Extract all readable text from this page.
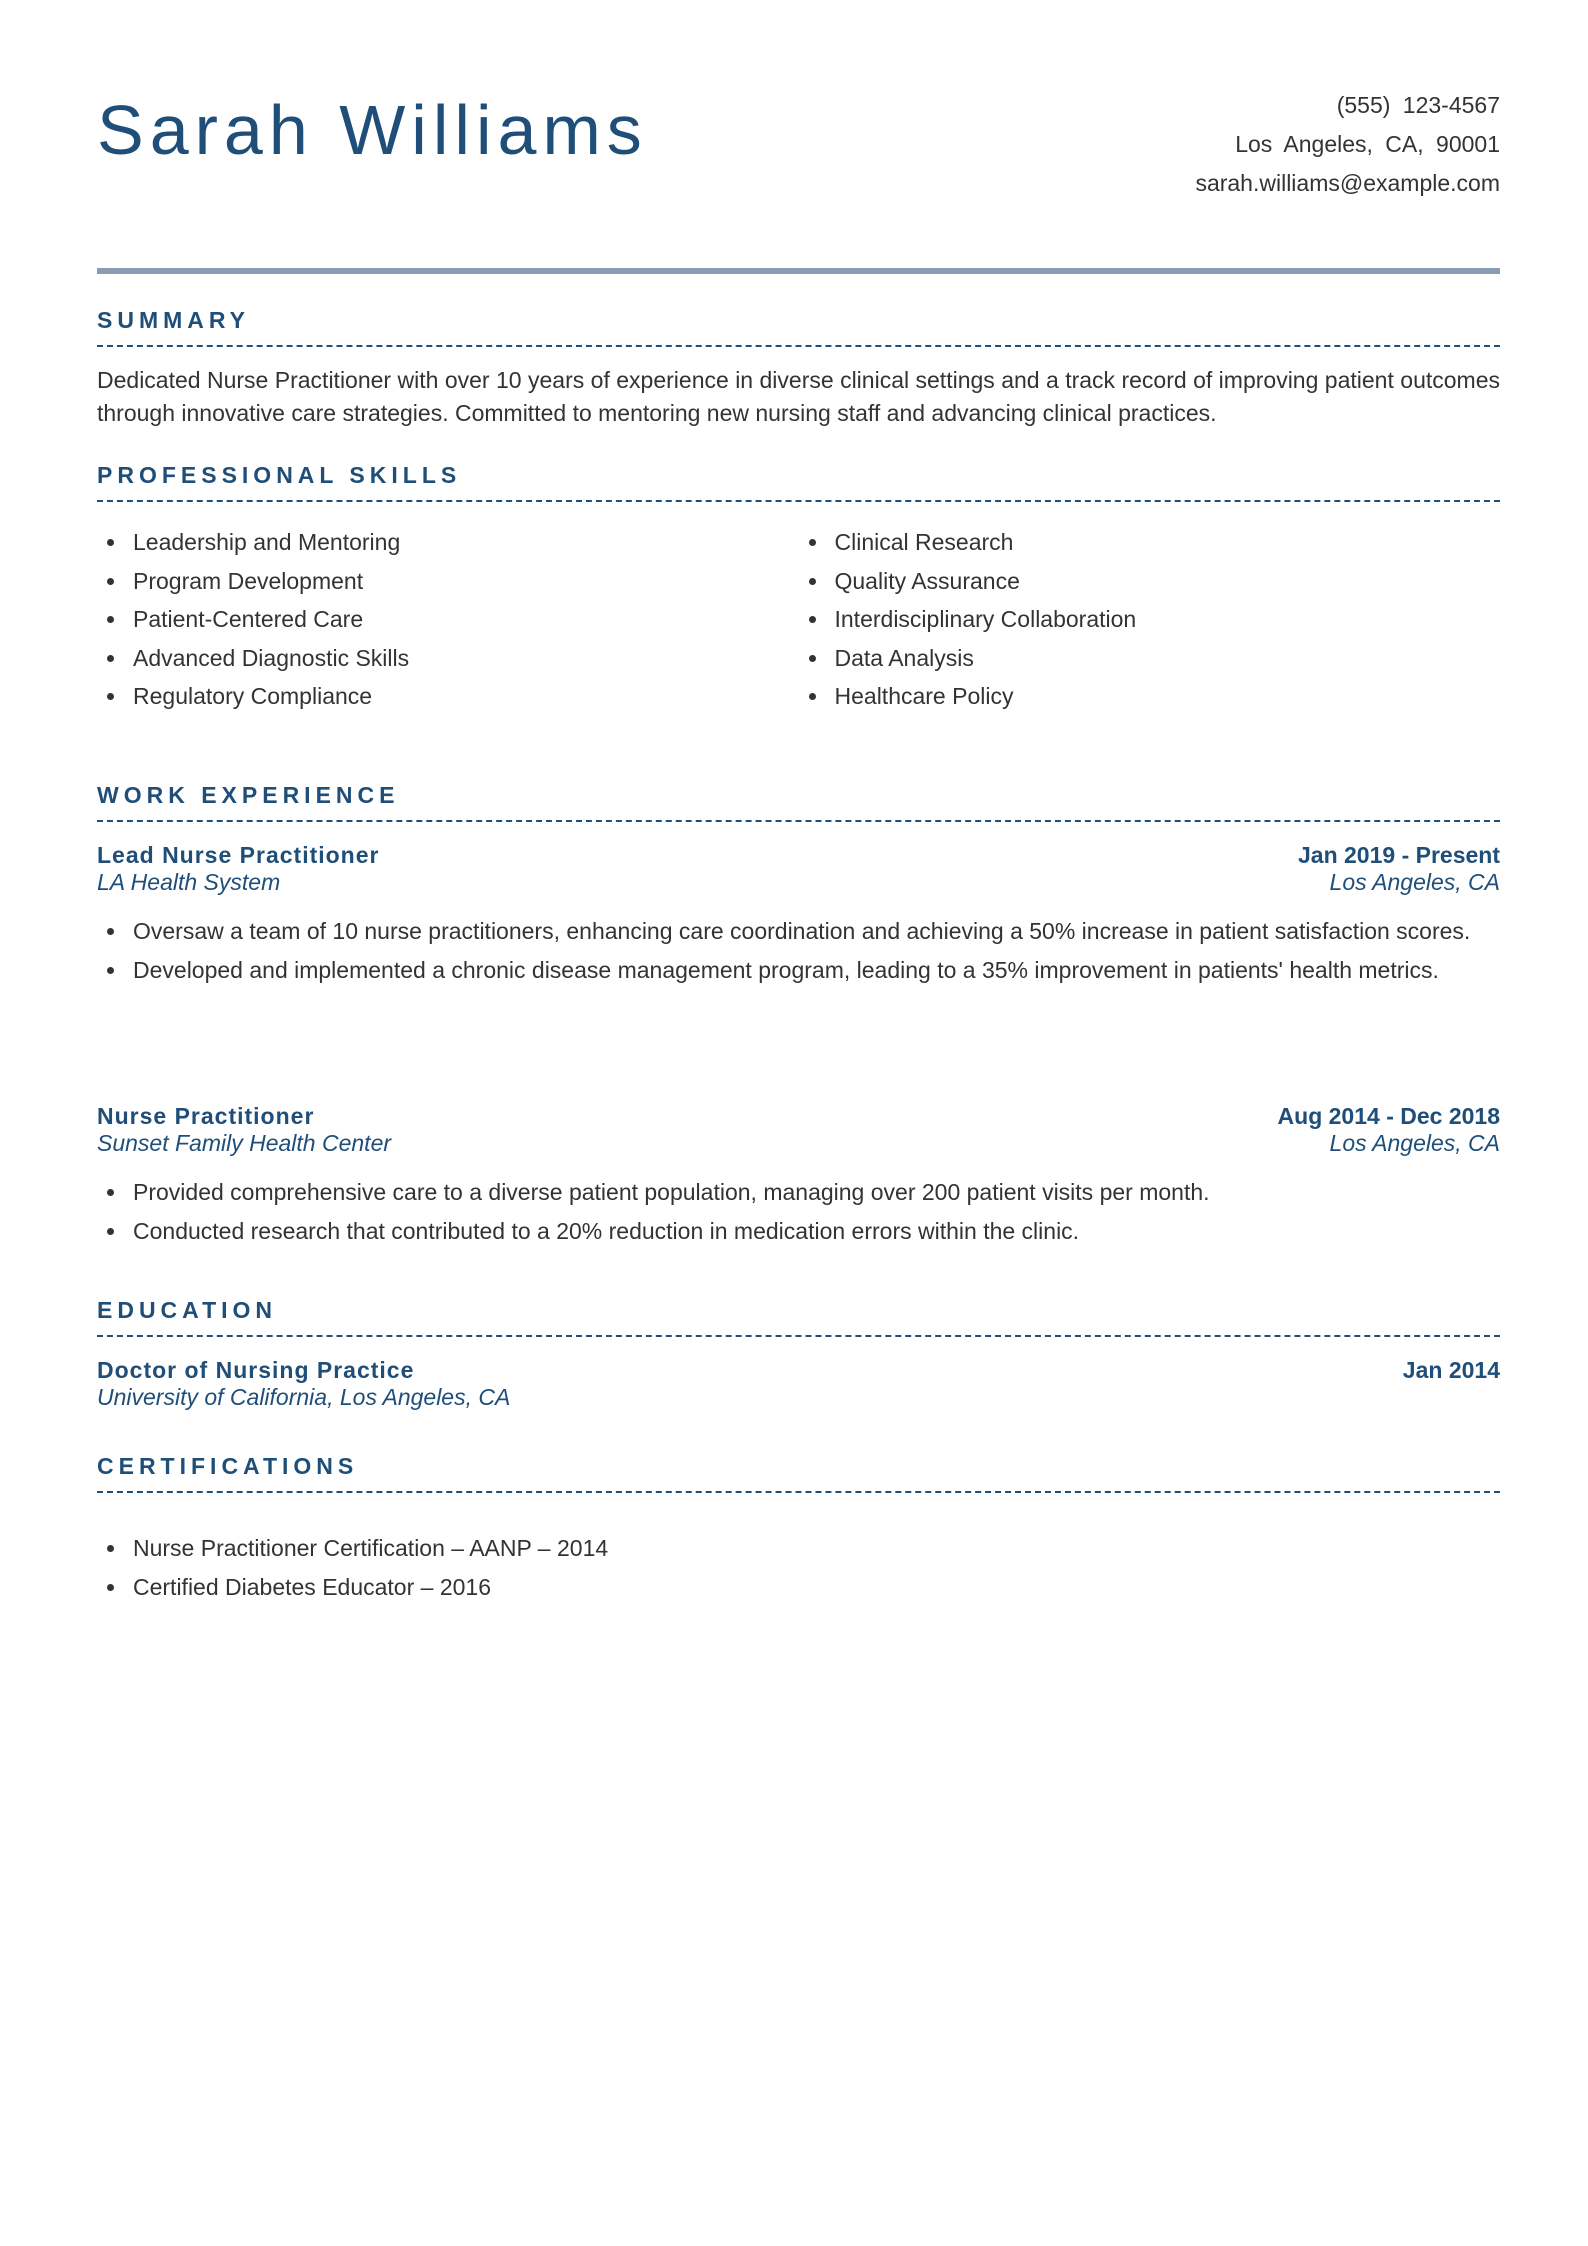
Sarah Williams	(555) 123-4567
Los Angeles, CA, 90001
sarah.williams@example.com
SUMMARY

Dedicated Nurse Practitioner with over 10 years of experience in diverse clinical settings and a track record of improving patient outcomes through innovative care strategies. Committed to mentoring new nursing staff and advancing clinical practices.

PROFESSIONAL SKILLS
Leadership and Mentoring
Program Development
Patient-Centered Care
Advanced Diagnostic Skills
Regulatory Compliance
Clinical Research
Quality Assurance
Interdisciplinary Collaboration
Data Analysis
Healthcare Policy
WORK EXPERIENCE
Lead Nurse Practitioner	Jan 2019 - Present
LA Health System	Los Angeles, CA
Oversaw a team of 10 nurse practitioners, enhancing care coordination and achieving a 50% increase in patient satisfaction scores.
Developed and implemented a chronic disease management program, leading to a 35% improvement in patients' health metrics.
Nurse Practitioner	Aug 2014 - Dec 2018
Sunset Family Health Center	Los Angeles, CA
Provided comprehensive care to a diverse patient population, managing over 200 patient visits per month.
Conducted research that contributed to a 20% reduction in medication errors within the clinic.
EDUCATION
Doctor of Nursing Practice	Jan 2014
University of California, Los Angeles, CA
CERTIFICATIONS
Nurse Practitioner Certification – AANP – 2014
Certified Diabetes Educator – 2016
